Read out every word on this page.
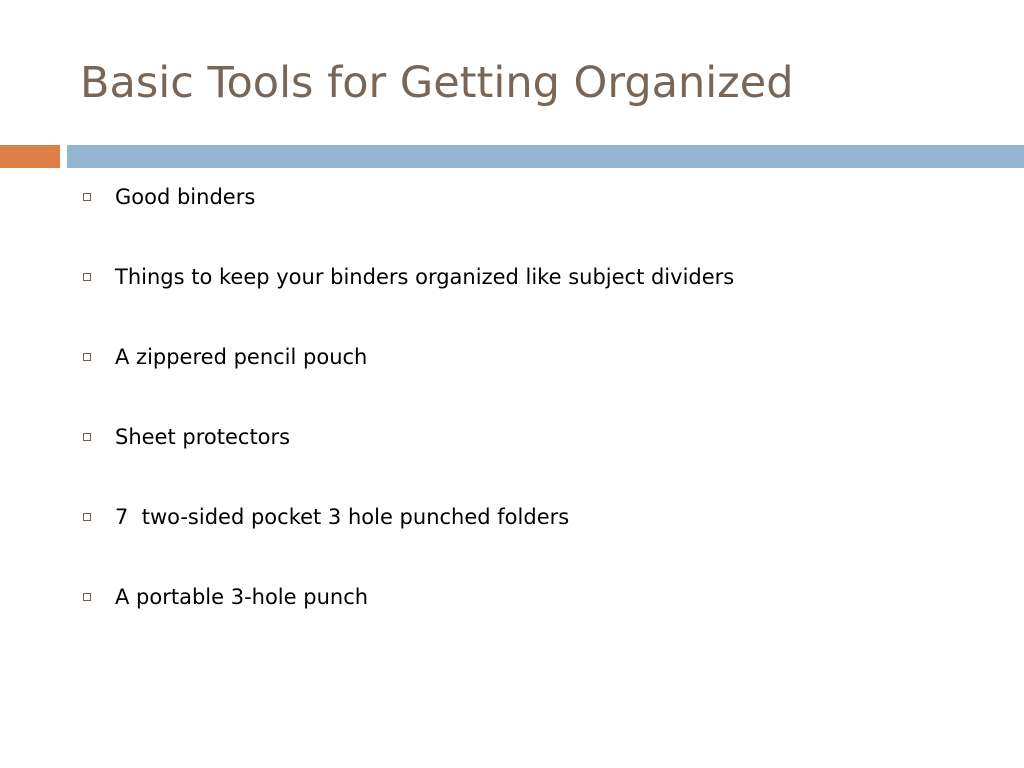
Basic Tools for Getting Organized
Good binders
Things to keep your binders organized like subject dividers
A zippered pencil pouch
Sheet protectors
7  two-sided pocket 3 hole punched folders
A portable 3-hole punch
